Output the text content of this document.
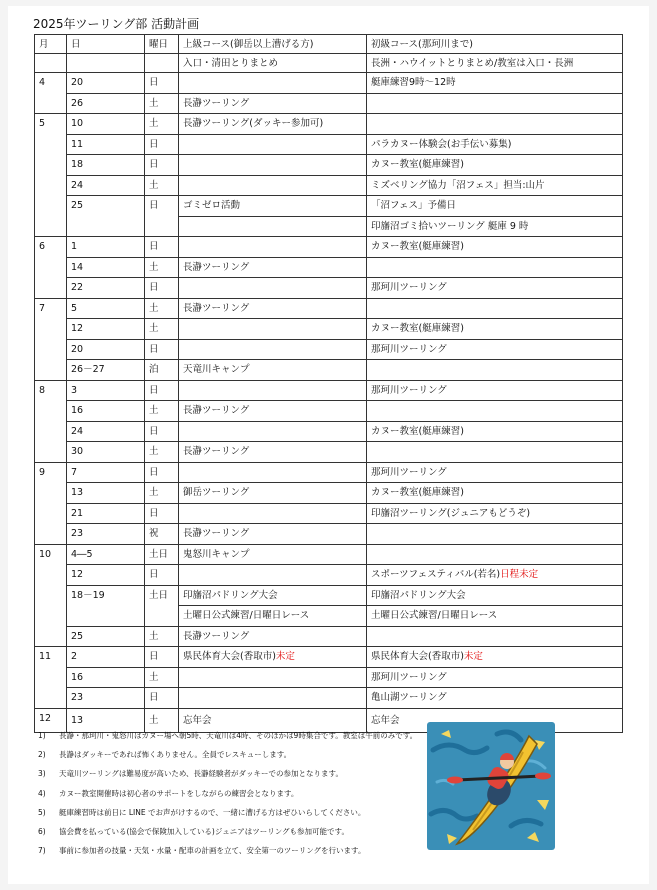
2025年ツーリング部 活動計画
月	日	曜日	上級コース(御岳以上漕げる方)	初級コース(那珂川まで)
			入口・清田とりまとめ	長洲・ハウイットとりまとめ/教室は入口・長洲
4	20	日		艇庫練習9時～12時
	26	土	長瀞ツーリング	
5	10	土	長瀞ツーリング(ダッキー参加可)	
	11	日		パラカヌー体験会(お手伝い募集)
	18	日		カヌー教室(艇庫練習)
	24	土		ミズベリング協力「沼フェス」担当:山片
	25	日	ゴミゼロ活動	「沼フェス」予備日
				印旛沼ゴミ拾いツーリング 艇庫 9 時
6	1	日		カヌー教室(艇庫練習)
	14	土	長瀞ツーリング	
	22	日		那珂川ツーリング
7	5	土	長瀞ツーリング	
	12	土		カヌー教室(艇庫練習)
	20	日		那珂川ツーリング
	26－27	泊	天竜川キャンプ	
8	3	日		那珂川ツーリング
	16	土	長瀞ツーリング	
	24	日		カヌー教室(艇庫練習)
	30	土	長瀞ツーリング	
9	7	日		那珂川ツーリング
	13	土	御岳ツーリング	カヌー教室(艇庫練習)
	21	日		印旛沼ツーリング(ジュニアもどうぞ)
	23	祝	長瀞ツーリング	
10	4―5	土日	鬼怒川キャンプ	
	12	日		スポーツフェスティバル(若名)日程未定
	18－19	土日	印旛沼パドリング大会	印旛沼パドリング大会
			土曜日公式練習/日曜日レース	土曜日公式練習/日曜日レース
	25	土	長瀞ツーリング	
11	2	日	県民体育大会(香取市)未定	県民体育大会(香取市)未定
	16	土		那珂川ツーリング
	23	日		亀山湖ツーリング
12	13	土	忘年会	忘年会
1)	長瀞・那珂川・鬼怒川はカヌー場へ朝5時、天竜川は4時、そのほかは9時集合です。教室は午前のみです。
2)	長瀞はダッキーであれば怖くありません。全員でレスキューします。
3)	天竜川ツーリングは難易度が高いため、長瀞経験者がダッキーでの参加となります。
4)	カヌー教室開催時は初心者のサポートをしながらの練習会となります。
5)	艇庫練習時は前日に LINE でお声がけするので、一緒に漕げる方はぜひいらしてください。
6)	協会費を払っている(協会で保険加入している)ジュニアはツーリングも参加可能です。
7)	事前に参加者の技量・天気・水量・配車の計画を立て、安全第一のツーリングを行います。
